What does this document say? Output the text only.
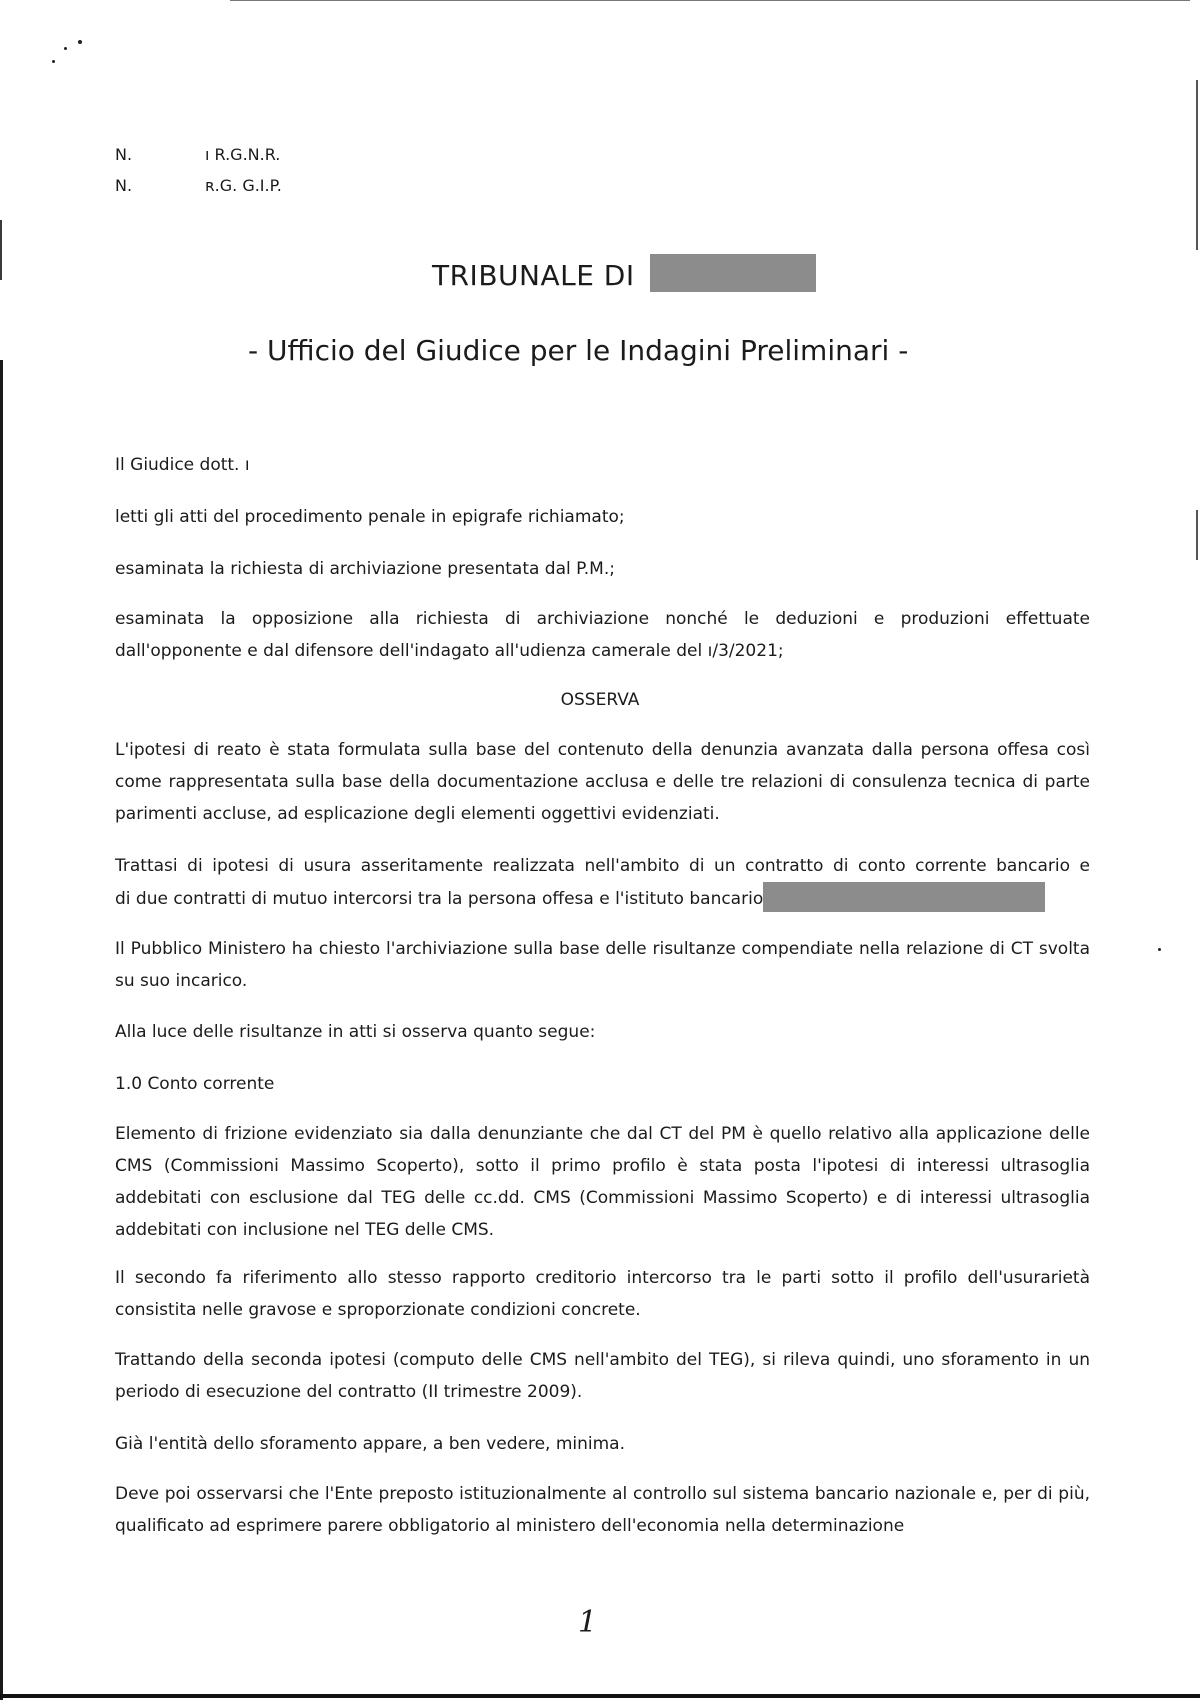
N.	ı R.G.N.R.
N.	ʀ.G. G.I.P.
TRIBUNALE DI
- Ufficio del Giudice per le Indagini Preliminari -

Il Giudice dott. ı

letti gli atti del procedimento penale in epigrafe richiamato;

esaminata la richiesta di archiviazione presentata dal P.M.;

esaminata la opposizione alla richiesta di archiviazione nonché le deduzioni e produzioni effettuate dall'opponente e dal difensore dell'indagato all'udienza camerale del ı/3/2021;

OSSERVA

L'ipotesi di reato è stata formulata sulla base del contenuto della denunzia avanzata dalla persona offesa così come rappresentata sulla base della documentazione acclusa e delle tre relazioni di consulenza tecnica di parte parimenti accluse, ad esplicazione degli elementi oggettivi evidenziati.

Trattasi di ipotesi di usura asseritamente realizzata nell'ambito di un contratto di conto corrente bancario e

di due contratti di mutuo intercorsi tra la persona offesa e l'istituto bancario

Il Pubblico Ministero ha chiesto l'archiviazione sulla base delle risultanze compendiate nella relazione di CT svolta su suo incarico.

Alla luce delle risultanze in atti si osserva quanto segue:

1.0 Conto corrente

Elemento di frizione evidenziato sia dalla denunziante che dal CT del PM è quello relativo alla applicazione delle CMS (Commissioni Massimo Scoperto), sotto il primo profilo è stata posta l'ipotesi di interessi ultrasoglia addebitati con esclusione dal TEG delle cc.dd. CMS (Commissioni Massimo Scoperto) e di interessi ultrasoglia addebitati con inclusione nel TEG delle CMS.

Il secondo fa riferimento allo stesso rapporto creditorio intercorso tra le parti sotto il profilo dell'usurarietà consistita nelle gravose e sproporzionate condizioni concrete.

Trattando della seconda ipotesi (computo delle CMS nell'ambito del TEG), si rileva quindi, uno sforamento in un periodo di esecuzione del contratto (II trimestre 2009).

Già l'entità dello sforamento appare, a ben vedere, minima.

Deve poi osservarsi che l'Ente preposto istituzionalmente al controllo sul sistema bancario nazionale e, per di più, qualificato ad esprimere parere obbligatorio al ministero dell'economia nella determinazione

1
